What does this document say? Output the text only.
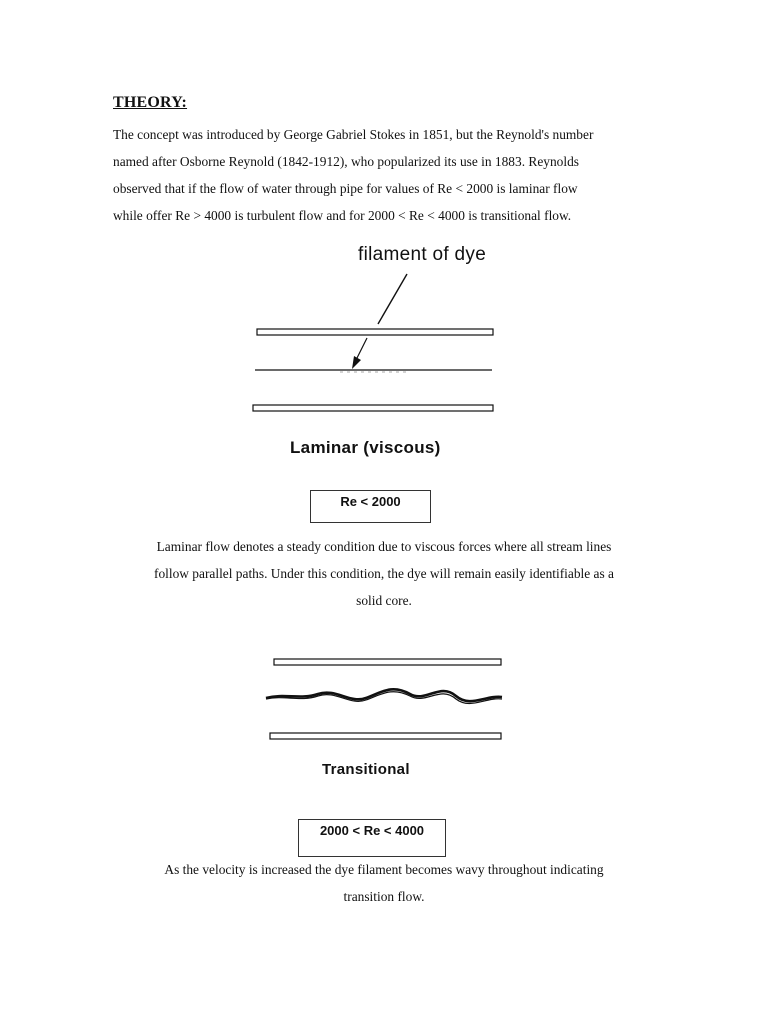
THEORY:
The concept was introduced by George Gabriel Stokes in 1851, but the Reynold's number
named after Osborne Reynold (1842-1912), who popularized its use in 1883. Reynolds
observed that if the flow of water through pipe for values of Re < 2000 is laminar flow
while offer Re > 4000 is turbulent flow and for 2000 < Re < 4000 is transitional flow.
filament of dye
Laminar (viscous)
Re < 2000
Laminar flow denotes a steady condition due to viscous forces where all stream lines
follow parallel paths. Under this condition, the dye will remain easily identifiable as a
solid core.
Transitional
2000 < Re < 4000
As the velocity is increased the dye filament becomes wavy throughout indicating
transition flow.
